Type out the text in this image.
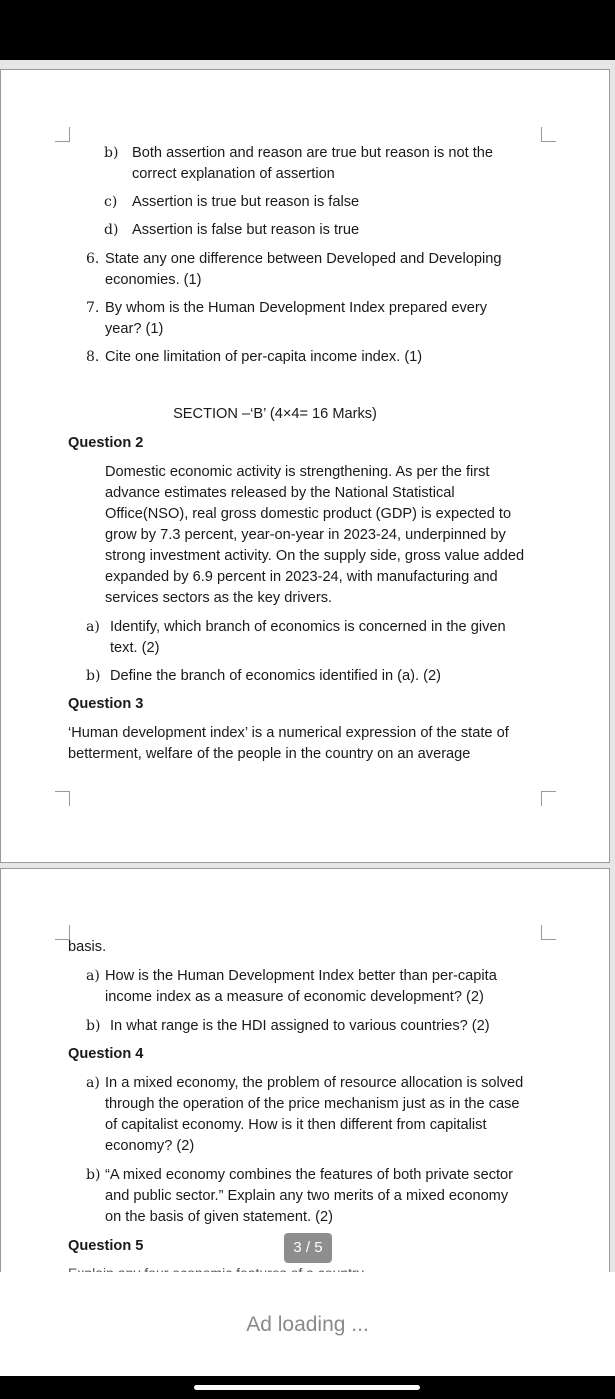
b) Both assertion and reason are true but reason is not the correct explanation of assertion

c) Assertion is true but reason is false

d) Assertion is false but reason is true

6. State any one difference between Developed and Developing economies. (1)

7. By whom is the Human Development Index prepared every year? (1)

8. Cite one limitation of per-capita income index. (1)

SECTION –‘B’ (4×4= 16 Marks)

Question 2

Domestic economic activity is strengthening. As per the first advance estimates released by the National Statistical Office(NSO), real gross domestic product (GDP) is expected to grow by 7.3 percent, year-on-year in 2023-24, underpinned by strong investment activity. On the supply side, gross value added expanded by 6.9 percent in 2023-24, with manufacturing and services sectors as the key drivers.

a) Identify, which branch of economics is concerned in the given text. (2)

b) Define the branch of economics identified in (a). (2)

Question 3

‘Human development index’ is a numerical expression of the state of betterment, welfare of the people in the country on an average

basis.

a) How is the Human Development Index better than per-capita income index as a measure of economic development? (2)

b) In what range is the HDI assigned to various countries? (2)

Question 4

a) In a mixed economy, the problem of resource allocation is solved through the operation of the price mechanism just as in the case of capitalist economy. How is it then different from capitalist economy? (2)

b) “A mixed economy combines the features of both private sector and public sector.” Explain any two merits of a mixed economy on the basis of given statement. (2)

Question 5	3 / 5
Ad loading ...
